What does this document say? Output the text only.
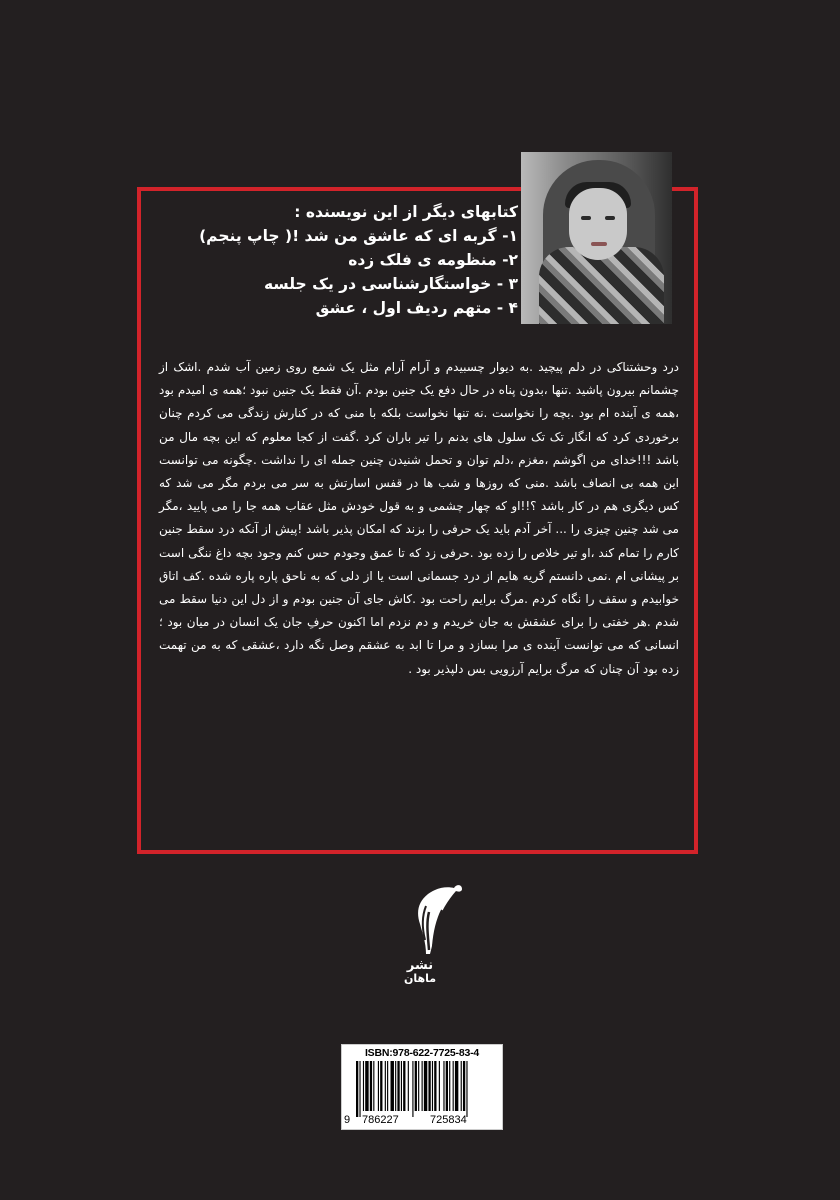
کتابهای دیگر از این نویسنده :
۱- گربه ای که عاشق من شد !( چاپ پنجم)
۲- منظومه ی فلک زده
۳ - خواستگارشناسی در یک جلسه
۴ - متهم ردیف اول ، عشق
درد وحشتناکی در دلم پیچید .به دیوار چسبیدم و آرام آرام مثل یک شمع روی زمین آب شدم .اشک از چشمانم بیرون پاشید .تنها ،بدون پناه در حال دفع یک جنین بودم .آن فقط یک جنین نبود ؛همه ی امیدم بود ،همه ی آینده ام بود .بچه را نخواست .نه تنها نخواست بلکه با منی که در کنارش زندگی می کردم چنان برخوردی کرد که انگار تک تک سلول های بدنم را تیر باران کرد .گفت از کجا معلوم که این بچه مال من باشد !!!خدای من اگوشم ،مغزم ،دلم توان و تحمل شنیدن چنین جمله ای را نداشت .چگونه می توانست این همه بی انصاف باشد .منی که روزها و شب ها در قفس اسارتش به سر می بردم مگر می شد که کس دیگری هم در کار باشد ؟!!او که چهار چشمی و به قول خودش مثل عقاب همه جا را می پایید ،مگر می شد چنین چیزی را ... آخر آدم باید یک حرفی را بزند که امکان پذیر باشد !پیش از آنکه درد سقط جنین کارم را تمام کند ،او تیر خلاص را زده بود .حرفی زد که تا عمق وجودم حس کنم وجود بچه داغ ننگی است بر پیشانی ام .نمی دانستم گریه هایم از درد جسمانی است یا از دلی که به ناحق پاره پاره شده .کف اتاق خوابیدم و سقف را نگاه کردم .مرگ برایم راحت بود .کاش جای آن جنین بودم و از دل این دنیا سقط می شدم .هر خفتی را برای عشقش به جان خریدم و دم نزدم اما اکنون حرفِ جان یک انسان در میان بود ؛انسانی که می توانست آینده ی مرا بسازد و مرا تا ابد به عشقم وصل نگه دارد ،عشقی که به من تهمت زده بود آن چنان که مرگ برایم آرزویی بس دلپذیر بود .
نشر
ماهان
ISBN:978-622-7725-83-4
9 786227	725834
